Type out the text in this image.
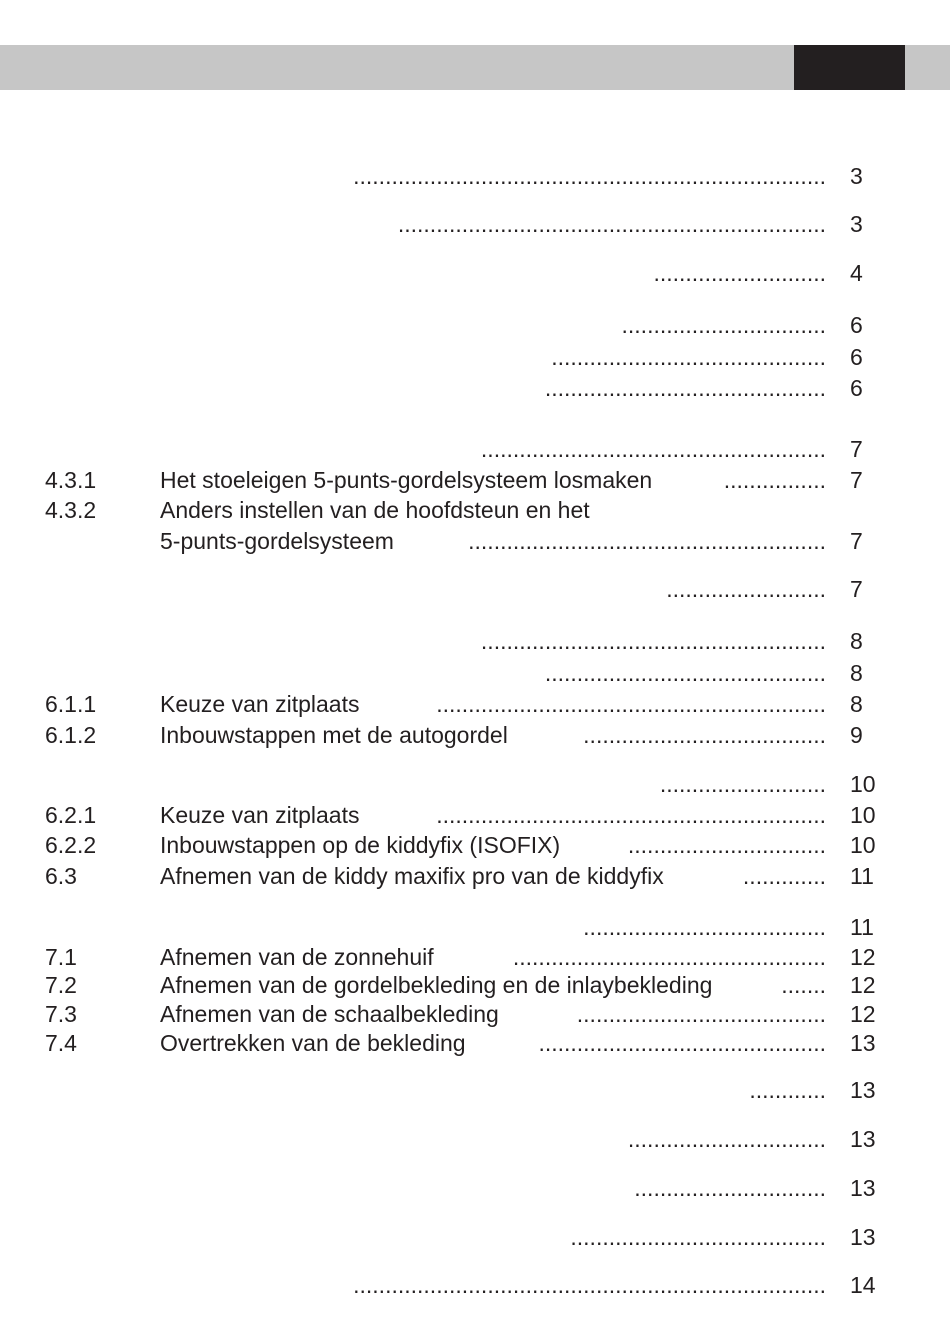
.......................................................................... 3
................................................................... 3
........................... 4
................................ 6
........................................... 6
............................................ 6
...................................................... 7
4.3.1	Het stoeleigen 5-punts-gordelsysteem losmaken	................ 7
4.3.2	Anders instellen van de hoofdsteun en het
5-punts-gordelsysteem	........................................................ 7
......................... 7
...................................................... 8
............................................ 8
6.1.1	Keuze van zitplaats	............................................................. 8
6.1.2	Inbouwstappen met de autogordel	...................................... 9
.......................... 10
6.2.1	Keuze van zitplaats	............................................................. 10
6.2.2	Inbouwstappen op de kiddyfix (ISOFIX)	............................... 10
6.3	Afnemen van de kiddy maxifix pro van de kiddyfix	............. 11
...................................... 11
7.1	Afnemen van de zonnehuif	................................................. 12
7.2	Afnemen van de gordelbekleding en de inlaybekleding	....... 12
7.3	Afnemen van de schaalbekleding	....................................... 12
7.4	Overtrekken van de bekleding	............................................. 13
............ 13
............................... 13
.............................. 13
........................................ 13
.......................................................................... 14
